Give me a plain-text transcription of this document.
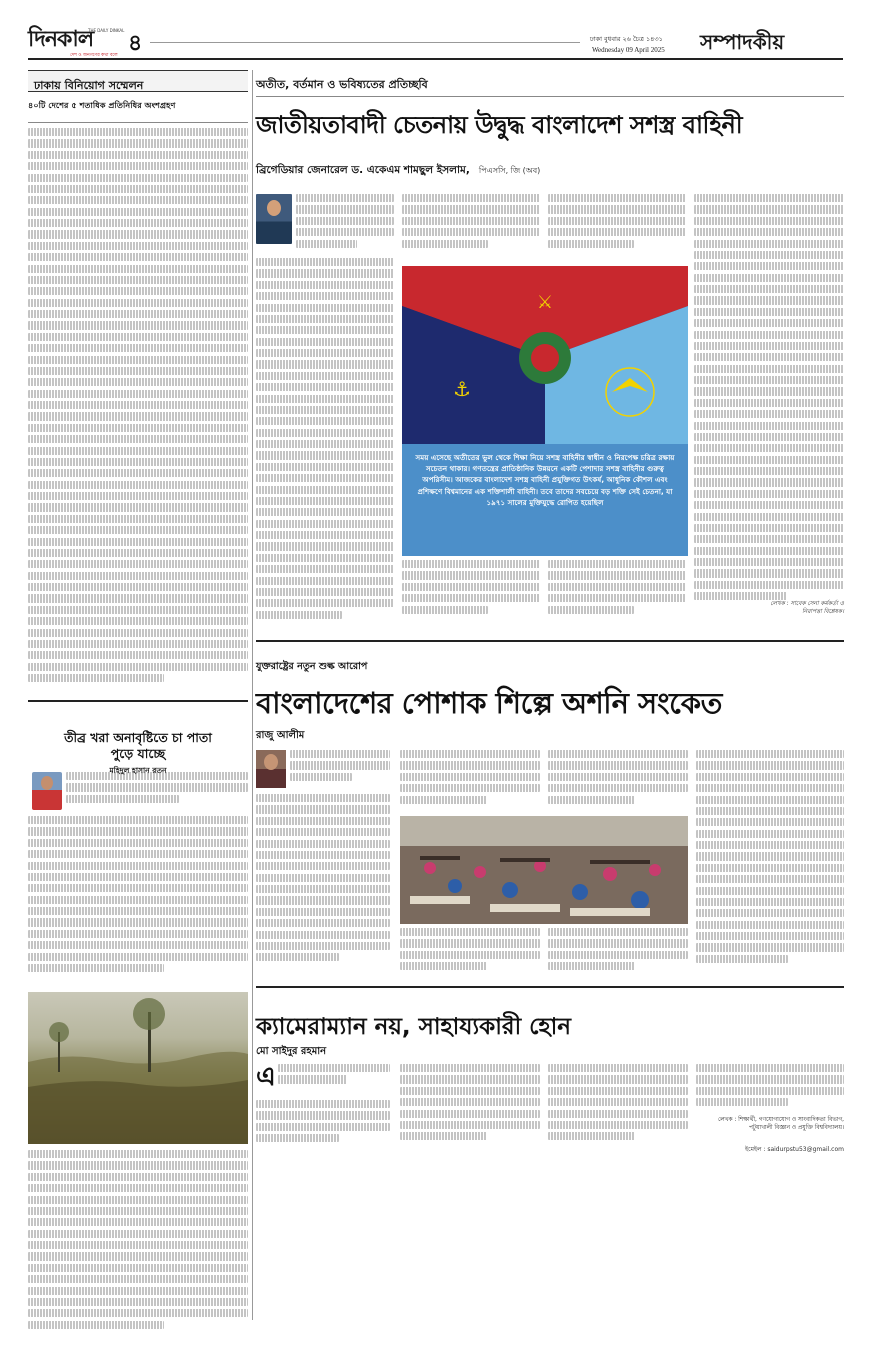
দিনকাল
THE DAILY DINKAL
দেশ ও জনগণের কথা বলে ৪	ঢাকা বুধবার ২৬ চৈত্র ১৪৩১
Wednesday 09 April 2025 সম্পাদকীয়
ঢাকায় বিনিয়োগ সম্মেলন
৪০টি দেশের ৫ শতাধিক প্রতিনিধির অংশগ্রহণ
তীব্র খরা অনাবৃষ্টিতে চা পাতা পুড়ে যাচ্ছে
মহিদুল হাসান রতন
অতীত, বর্তমান ও ভবিষ্যতের প্রতিচ্ছবি
জাতীয়তাবাদী চেতনায় উদ্বুদ্ধ বাংলাদেশ সশস্ত্র বাহিনী
ব্রিগেডিয়ার জেনারেল ড. একেএম শামছুল ইসলাম, পিএসসি, জি (অব)
⚔
⚓
সময় এসেছে অতীতের ভুল থেকে শিক্ষা নিয়ে সশস্ত্র বাহিনীর স্বাধীন ও নিরপেক্ষ চরিত্র রক্ষায় সচেতন থাকার। গণতন্ত্রের প্রাতিষ্ঠানিক উন্নয়নে একটি পেশাদার সশস্ত্র বাহিনীর গুরুত্ব অপরিসীম। আজকের বাংলাদেশ সশস্ত্র বাহিনী প্রযুক্তিগত উৎকর্ষ, আধুনিক কৌশল এবং প্রশিক্ষণে বিশ্বমানের এক শক্তিশালী বাহিনী। তবে তাদের সবচেয়ে বড় শক্তি সেই চেতনা, যা ১৯৭১ সালের মুক্তিযুদ্ধে রোপিত হয়েছিল
লেখক : সাবেক সেনা কর্মকর্তা ও নিরাপত্তা বিশ্লেষক।
যুক্তরাষ্ট্রের নতুন শুল্ক আরোপ
বাংলাদেশের পোশাক শিল্পে অশনি সংকেত
রাজু আলীম
ক্যামেরাম্যান নয়, সাহায্যকারী হোন
মো সাইদুর রহমান
এ
লেখক : শিক্ষার্থী, গণযোগাযোগ ও সাংবাদিকতা বিভাগ, পটুয়াখালী বিজ্ঞান ও প্রযুক্তি বিশ্ববিদ্যালয়।
ইমেইল : saidurpstu53@gmail.com
